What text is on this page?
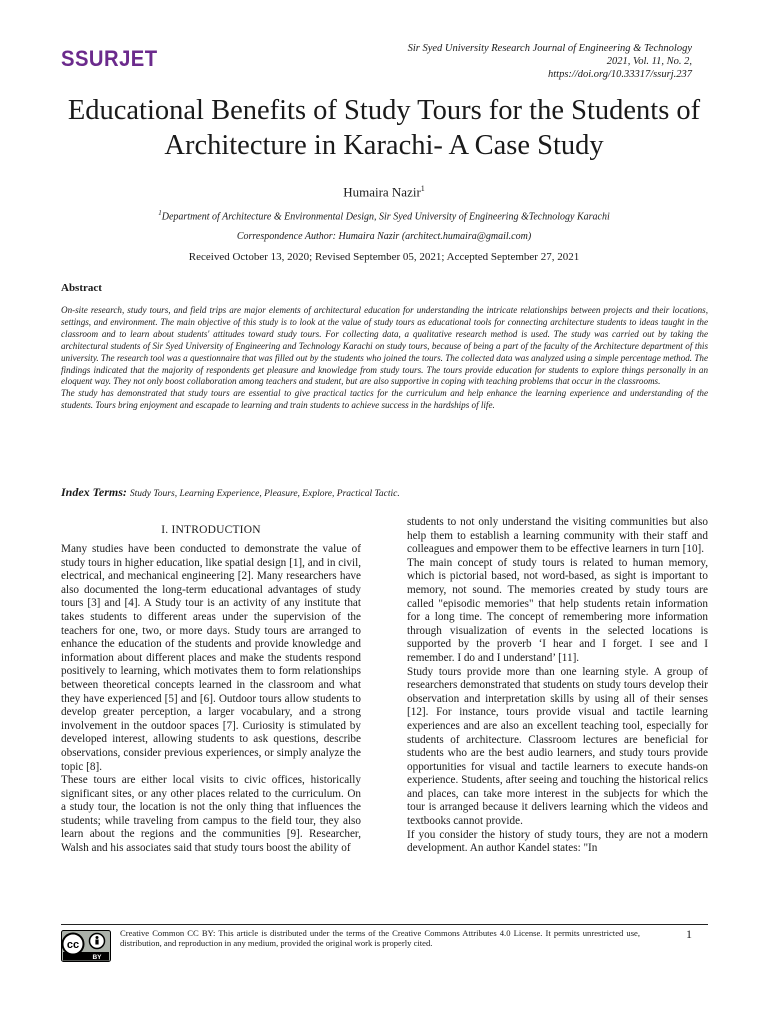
SSURJET	Sir Syed University Research Journal of Engineering & Technology
2021, Vol. 11, No. 2,
https://doi.org/10.33317/ssurj.237
Educational Benefits of Study Tours for the Students of Architecture in Karachi- A Case Study
Humaira Nazir$^1$
$^1$Department of Architecture & Environmental Design, Sir Syed University of Engineering &Technology Karachi
Correspondence Author: Humaira Nazir (architect.humaira@gmail.com)
Received October 13, 2020; Revised September 05, 2021; Accepted September 27, 2021
Abstract

On-site research, study tours, and field trips are major elements of architectural education for understanding the intricate relationships between projects and their locations, settings, and environment. The main objective of this study is to look at the value of study tours as educational tools for connecting architecture students to ideas taught in the classroom and to learn about students' attitudes toward study tours. For collecting data, a qualitative research method is used. The study was carried out by taking the architectural students of Sir Syed University of Engineering and Technology Karachi on study tours, because of being a part of the faculty of the Architecture department of this university. The research tool was a questionnaire that was filled out by the students who joined the tours. The collected data was analyzed using a simple percentage method. The findings indicated that the majority of respondents get pleasure and knowledge from study tours. The tours provide education for students to explore things personally in an eloquent way. They not only boost collaboration among teachers and student, but are also supportive in coping with teaching problems that occur in the classrooms.

The study has demonstrated that study tours are essential to give practical tactics for the curriculum and help enhance the learning experience and understanding of the students. Tours bring enjoyment and escapade to learning and train students to achieve success in the hardships of life.

Index Terms: Study Tours, Learning Experience, Pleasure, Explore, Practical Tactic.
I. INTRODUCTION

Many studies have been conducted to demonstrate the value of study tours in higher education, like spatial design [1], and in civil, electrical, and mechanical engineering [2]. Many researchers have also documented the long-term educational advantages of study tours [3] and [4]. A Study tour is an activity of any institute that takes students to different areas under the supervision of the teachers for one, two, or more days. Study tours are arranged to enhance the education of the students and provide knowledge and information about different places and make the students respond positively to learning, which motivates them to form relationships between theoretical concepts learned in the classroom and what they have experienced [5] and [6]. Outdoor tours allow students to develop greater perception, a larger vocabulary, and a strong involvement in the outdoor spaces [7]. Curiosity is stimulated by developed interest, allowing students to ask questions, describe observations, consider previous experiences, or simply analyze the topic [8].

These tours are either local visits to civic offices, historically significant sites, or any other places related to the curriculum. On a study tour, the location is not the only thing that influences the students; while traveling from campus to the field tour, they also learn about the regions and the communities [9]. Researcher, Walsh and his associates said that study tours boost the ability of

students to not only understand the visiting communities but also help them to establish a learning community with their staff and colleagues and empower them to be effective learners in turn [10].

The main concept of study tours is related to human memory, which is pictorial based, not word-based, as sight is important to memory, not sound. The memories created by study tours are called "episodic memories" that help students retain information for a long time. The concept of remembering more information through visualization of events in the selected locations is supported by the proverb ‘I hear and I forget. I see and I remember. I do and I understand’ [11].

Study tours provide more than one learning style. A group of researchers demonstrated that students on study tours develop their observation and interpretation skills by using all of their senses [12]. For instance, tours provide visual and tactile learning experiences and are also an excellent teaching tool, especially for students of architecture. Classroom lectures are beneficial for students who are the best audio learners, and study tours provide opportunities for visual and tactile learners to execute hands-on experience. Students, after seeing and touching the historical relics and places, can take more interest in the subjects for which the tour is arranged because it delivers learning which the videos and textbooks cannot provide.

If you consider the history of study tours, they are not a modern development. An author Kandel states: "In

cc
BY
Creative Common CC BY: This article is distributed under the terms of the Creative Commons Attributes 4.0 License. It permits unrestricted use, distribution, and reproduction in any medium, provided the original work is properly cited.
1
